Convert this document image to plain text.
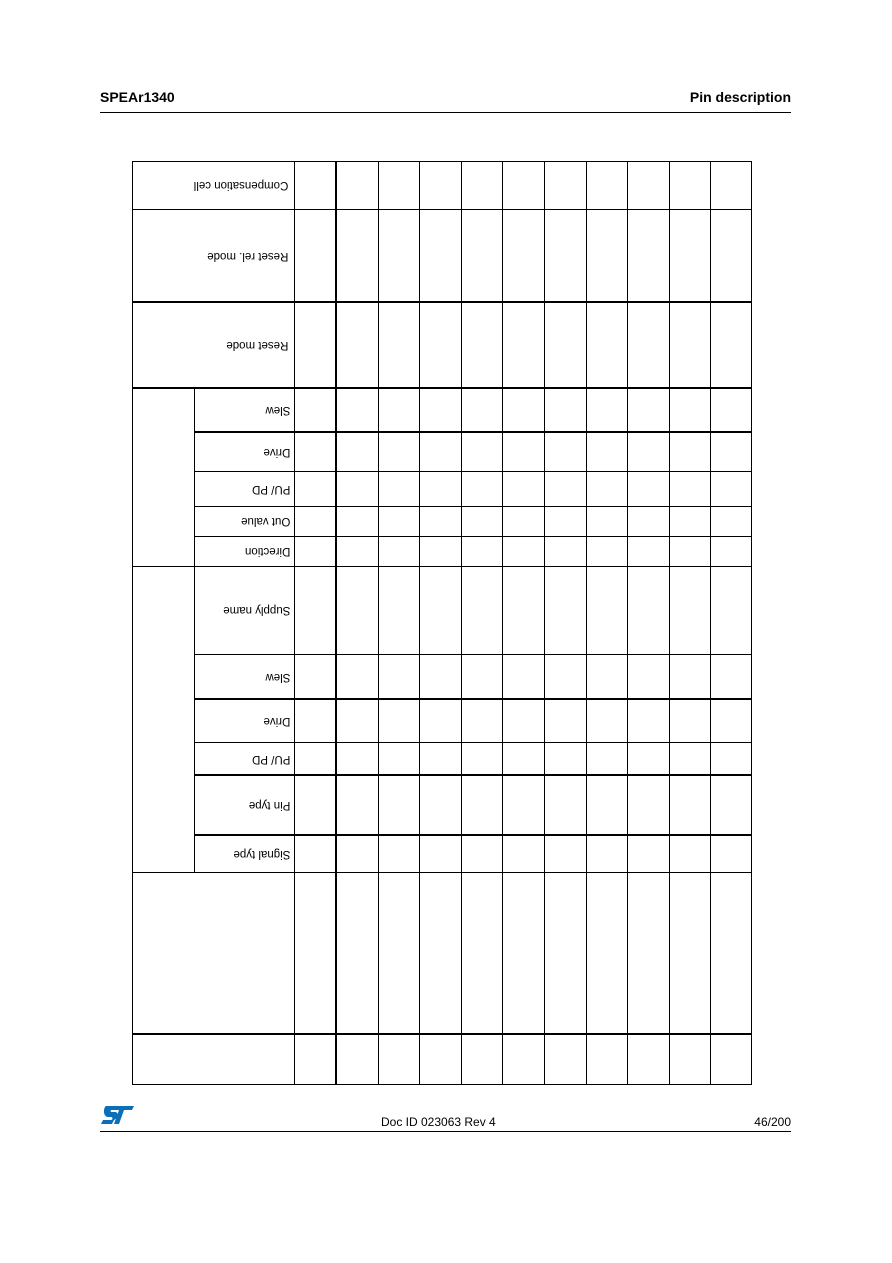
SPEAr1340	Pin description

											Signal type	
											Pin type	
											PU/ PD	
											Drive	
											Slew	
											Supply name	
											Direction	
											Out value	
											PU/ PD	
											Drive	
											Slew	
											Reset mode	
											Reset rel. mode	
											Compensation cell	
Doc ID 023063 Rev 4	46/200
